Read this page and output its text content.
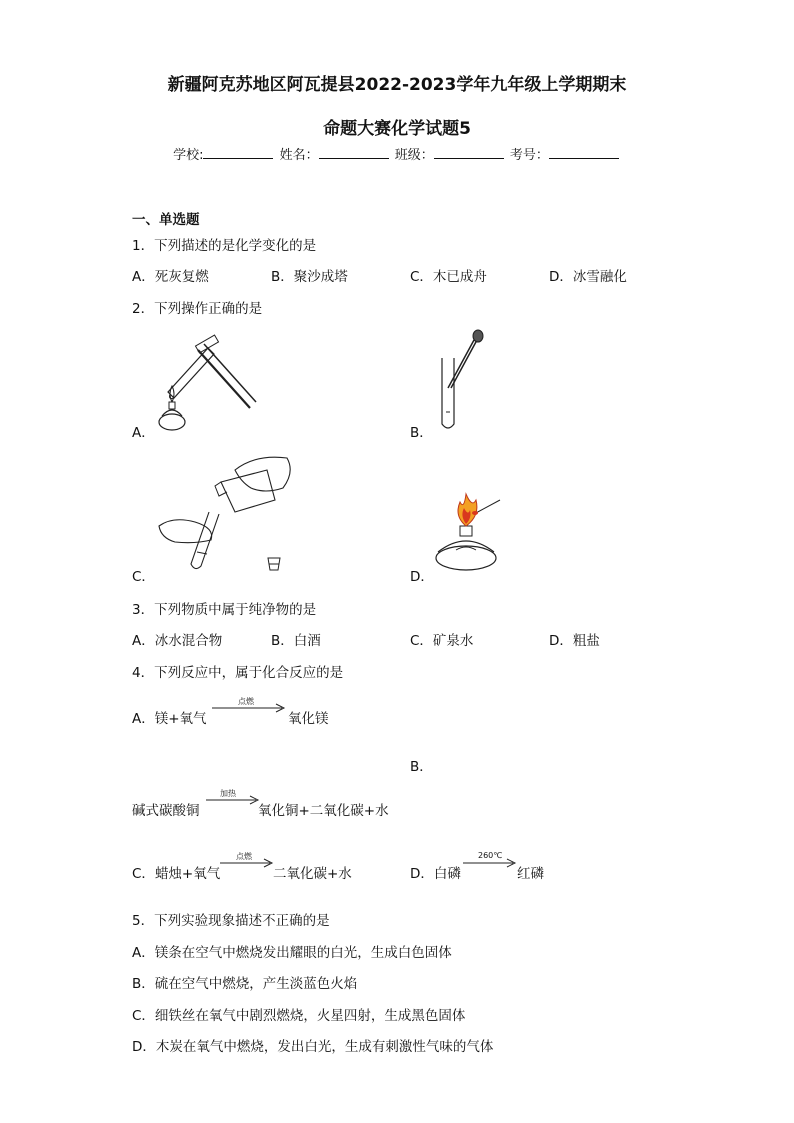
新疆阿克苏地区阿瓦提县2022-2023学年九年级上学期期末
命题大赛化学试题5
学校:	姓名：	班级：	考号：
一、单选题
1．下列描述的是化学变化的是
A．死灰复燃	B．聚沙成塔	C．木已成舟	D．冰雪融化
2．下列操作正确的是
A．	B．
C．	D．
3．下列物质中属于纯净物的是
A．冰水混合物	B．白酒	C．矿泉水	D．粗盐
4．下列反应中，属于化合反应的是
A．镁+氧气
点燃
氧化镁
B．
碱式碳酸铜
加热
氧化铜+二氧化碳+水
C．蜡烛+氧气
点燃
二氧化碳+水	D．白磷
260℃
红磷
5．下列实验现象描述不正确的是
A．镁条在空气中燃烧发出耀眼的白光，生成白色固体
B．硫在空气中燃烧，产生淡蓝色火焰
C．细铁丝在氧气中剧烈燃烧，火星四射，生成黑色固体
D．木炭在氧气中燃烧，发出白光，生成有刺激性气味的气体
